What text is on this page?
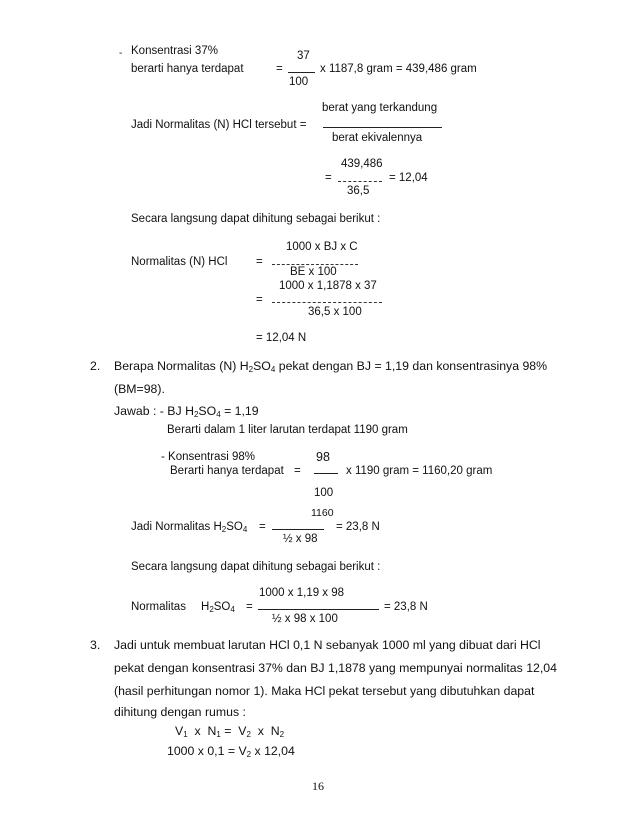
- Konsentrasi 37%
berarti hanya terdapat	=
37
100
x 1187,8 gram = 439,486 gram
berat yang terkandung
Jadi Normalitas (N) HCl tersebut =
berat ekivalennya
439,486
=
36,5
= 12,04
Secara langsung dapat dihitung sebagai berikut :
1000 x BJ x C
Normalitas (N) HCl =
BE x 100
1000 x 1,1878 x 37
=
36,5 x 100
= 12,04 N
2. Berapa Normalitas (N) $H_2SO_4$ pekat dengan BJ = 1,19 dan konsentrasinya 98%
(BM=98).
Jawab : - BJ $H_2SO_4 = 1,19$
Berarti dalam 1 liter larutan terdapat 1190 gram
- Konsentrasi 98%	98
Berarti hanya terdapat =	x 1190 gram = 1160,20 gram
100
1160
Jadi Normalitas $H_2SO_4$ =
½ x 98
= 23,8 N
Secara langsung dapat dihitung sebagai berikut :
1000 x 1,19 x 98
Normalitas $H_2SO_4$ =
½ x 98 x 100
= 23,8 N
3. Jadi untuk membuat larutan HCl 0,1 N sebanyak 1000 ml yang dibuat dari HCl
pekat dengan konsentrasi 37% dan BJ 1,1878 yang mempunyai normalitas 12,04
(hasil perhitungan nomor 1). Maka HCl pekat tersebut yang dibutuhkan dapat
dihitung dengan rumus :
$V_1$  x  $N_1 = V_2$  x  $N_2$
1000 x $0,1 = V_2$ x 12,04
16
